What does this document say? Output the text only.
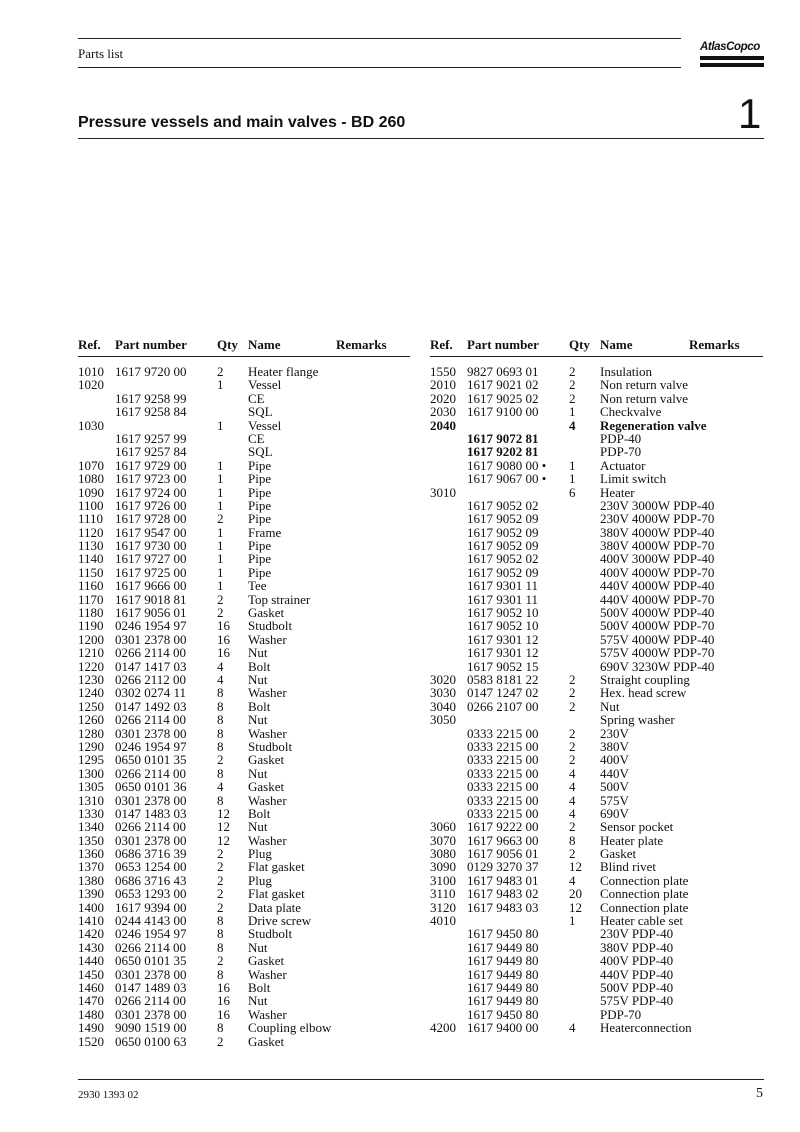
Parts list	AtlasCopco
Pressure vessels and main valves - BD 260	1
Ref. Part number Qty Name	Remarks
1010 1617 9720 00 2 Heater flange
1020	1 Vessel
1617 9258 99	CE
1617 9258 84	SQL
1030	1 Vessel
1617 9257 99	CE
1617 9257 84	SQL
1070 1617 9729 00 1 Pipe
1080 1617 9723 00 1 Pipe
1090 1617 9724 00 1 Pipe
1100 1617 9726 00 1 Pipe
1110 1617 9728 00 2 Pipe
1120 1617 9547 00 1 Frame
1130 1617 9730 00 1 Pipe
1140 1617 9727 00 1 Pipe
1150 1617 9725 00 1 Pipe
1160 1617 9666 00 1 Tee
1170 1617 9018 81 2 Top strainer
1180 1617 9056 01 2 Gasket
1190 0246 1954 97 16 Studbolt
1200 0301 2378 00 16 Washer
1210 0266 2114 00 16 Nut
1220 0147 1417 03 4 Bolt
1230 0266 2112 00 4 Nut
1240 0302 0274 11 8 Washer
1250 0147 1492 03 8 Bolt
1260 0266 2114 00 8 Nut
1280 0301 2378 00 8 Washer
1290 0246 1954 97 8 Studbolt
1295 0650 0101 35 2 Gasket
1300 0266 2114 00 8 Nut
1305 0650 0101 36 4 Gasket
1310 0301 2378 00 8 Washer
1330 0147 1483 03 12 Bolt
1340 0266 2114 00 12 Nut
1350 0301 2378 00 12 Washer
1360 0686 3716 39 2 Plug
1370 0653 1254 00 2 Flat gasket
1380 0686 3716 43 2 Plug
1390 0653 1293 00 2 Flat gasket
1400 1617 9394 00 2 Data plate
1410 0244 4143 00 8 Drive screw
1420 0246 1954 97 8 Studbolt
1430 0266 2114 00 8 Nut
1440 0650 0101 35 2 Gasket
1450 0301 2378 00 8 Washer
1460 0147 1489 03 16 Bolt
1470 0266 2114 00 16 Nut
1480 0301 2378 00 16 Washer
1490 9090 1519 00 8 Coupling elbow
1520 0650 0100 63 2 Gasket
Ref. Part number Qty Name	Remarks
1550 9827 0693 01 2 Insulation
2010 1617 9021 02 2 Non return valve
2020 1617 9025 02 2 Non return valve
2030 1617 9100 00 1 Checkvalve
2040	4 Regeneration valve
1617 9072 81	PDP-40
1617 9202 81	PDP-70
1617 9080 00 • 1 Actuator
1617 9067 00 • 1 Limit switch
3010	6 Heater
1617 9052 02	230V 3000W PDP-40
1617 9052 09	230V 4000W PDP-70
1617 9052 09	380V 4000W PDP-40
1617 9052 09	380V 4000W PDP-70
1617 9052 02	400V 3000W PDP-40
1617 9052 09	400V 4000W PDP-70
1617 9301 11	440V 4000W PDP-40
1617 9301 11	440V 4000W PDP-70
1617 9052 10	500V 4000W PDP-40
1617 9052 10	500V 4000W PDP-70
1617 9301 12	575V 4000W PDP-40
1617 9301 12	575V 4000W PDP-70
1617 9052 15	690V 3230W PDP-40
3020 0583 8181 22 2 Straight coupling
3030 0147 1247 02 2 Hex. head screw
3040 0266 2107 00 2 Nut
3050	Spring washer
0333 2215 00 2 230V
0333 2215 00 2 380V
0333 2215 00 2 400V
0333 2215 00 4 440V
0333 2215 00 4 500V
0333 2215 00 4 575V
0333 2215 00 4 690V
3060 1617 9222 00 2 Sensor pocket
3070 1617 9663 00 8 Heater plate
3080 1617 9056 01 2 Gasket
3090 0129 3270 37 12 Blind rivet
3100 1617 9483 01 4 Connection plate
3110 1617 9483 02 20 Connection plate
3120 1617 9483 03 12 Connection plate
4010	1 Heater cable set
1617 9450 80	230V PDP-40
1617 9449 80	380V PDP-40
1617 9449 80	400V PDP-40
1617 9449 80	440V PDP-40
1617 9449 80	500V PDP-40
1617 9449 80	575V PDP-40
1617 9450 80	PDP-70
4200 1617 9400 00 4 Heaterconnection
2930 1393 02	5
